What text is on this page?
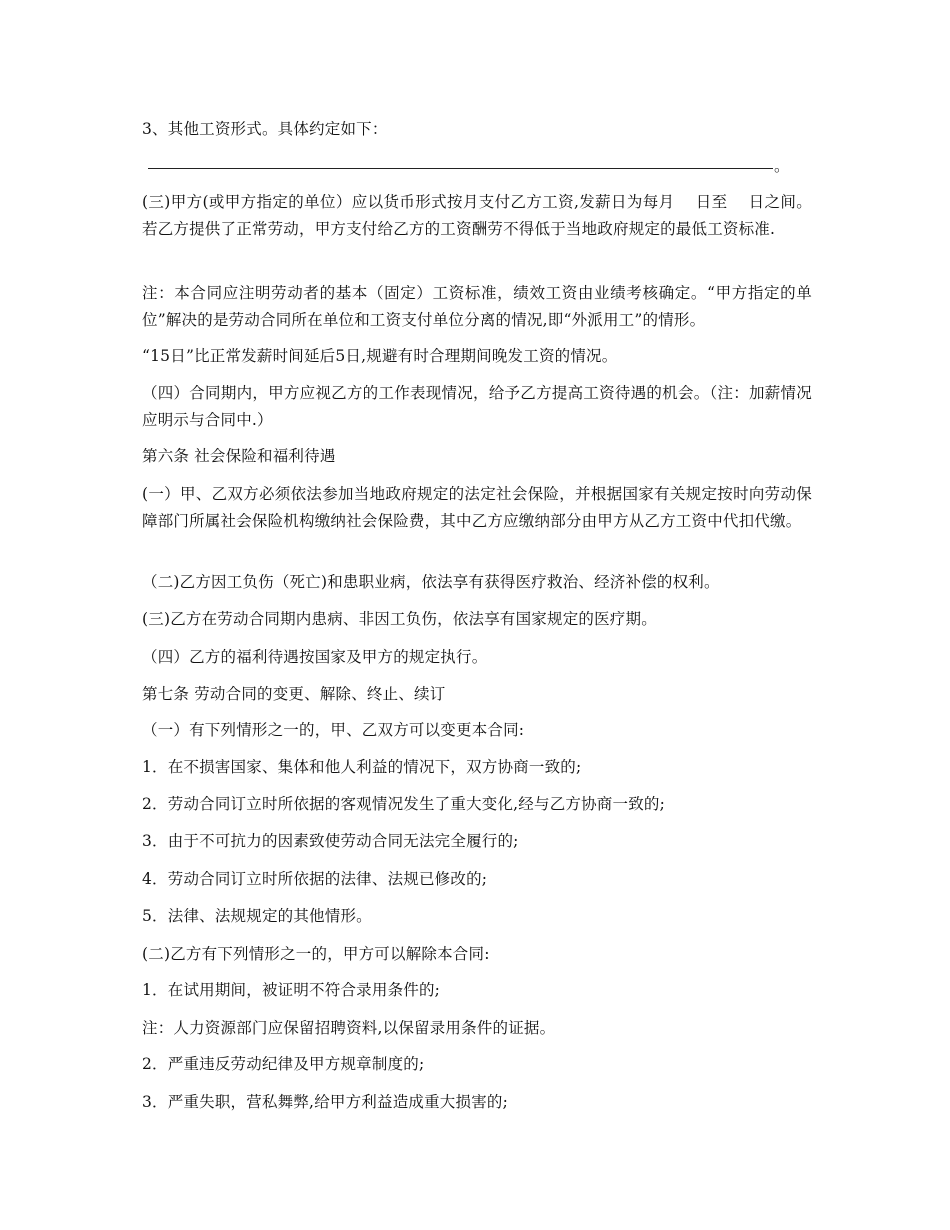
3、其他工资形式。具体约定如下：
。
(三)甲方(或甲方指定的单位）应以货币形式按月支付乙方工资,发薪日为每月　 日至　 日之间。若乙方提供了正常劳动，甲方支付给乙方的工资酬劳不得低于当地政府规定的最低工资标准.
注：本合同应注明劳动者的基本（固定）工资标准，绩效工资由业绩考核确定。“甲方指定的单位”解决的是劳动合同所在单位和工资支付单位分离的情况,即“外派用工”的情形。
“15日”比正常发薪时间延后5日,规避有时合理期间晚发工资的情况。
（四）合同期内，甲方应视乙方的工作表现情况，给予乙方提高工资待遇的机会。（注：加薪情况应明示与合同中.）
第六条 社会保险和福利待遇
(一）甲、乙双方必须依法参加当地政府规定的法定社会保险，并根据国家有关规定按时向劳动保障部门所属社会保险机构缴纳社会保险费，其中乙方应缴纳部分由甲方从乙方工资中代扣代缴。
（二)乙方因工负伤（死亡)和患职业病，依法享有获得医疗救治、经济补偿的权利。
(三)乙方在劳动合同期内患病、非因工负伤，依法享有国家规定的医疗期。
（四）乙方的福利待遇按国家及甲方的规定执行。
第七条 劳动合同的变更、解除、终止、续订
（一）有下列情形之一的，甲、乙双方可以变更本合同:
1．在不损害国家、集体和他人利益的情况下，双方协商一致的;
2．劳动合同订立时所依据的客观情况发生了重大变化,经与乙方协商一致的;
3．由于不可抗力的因素致使劳动合同无法完全履行的;
4．劳动合同订立时所依据的法律、法规已修改的;
5．法律、法规规定的其他情形。
(二)乙方有下列情形之一的，甲方可以解除本合同:
1．在试用期间，被证明不符合录用条件的;
注：人力资源部门应保留招聘资料,以保留录用条件的证据。
2．严重违反劳动纪律及甲方规章制度的;
3．严重失职，营私舞弊,给甲方利益造成重大损害的;
